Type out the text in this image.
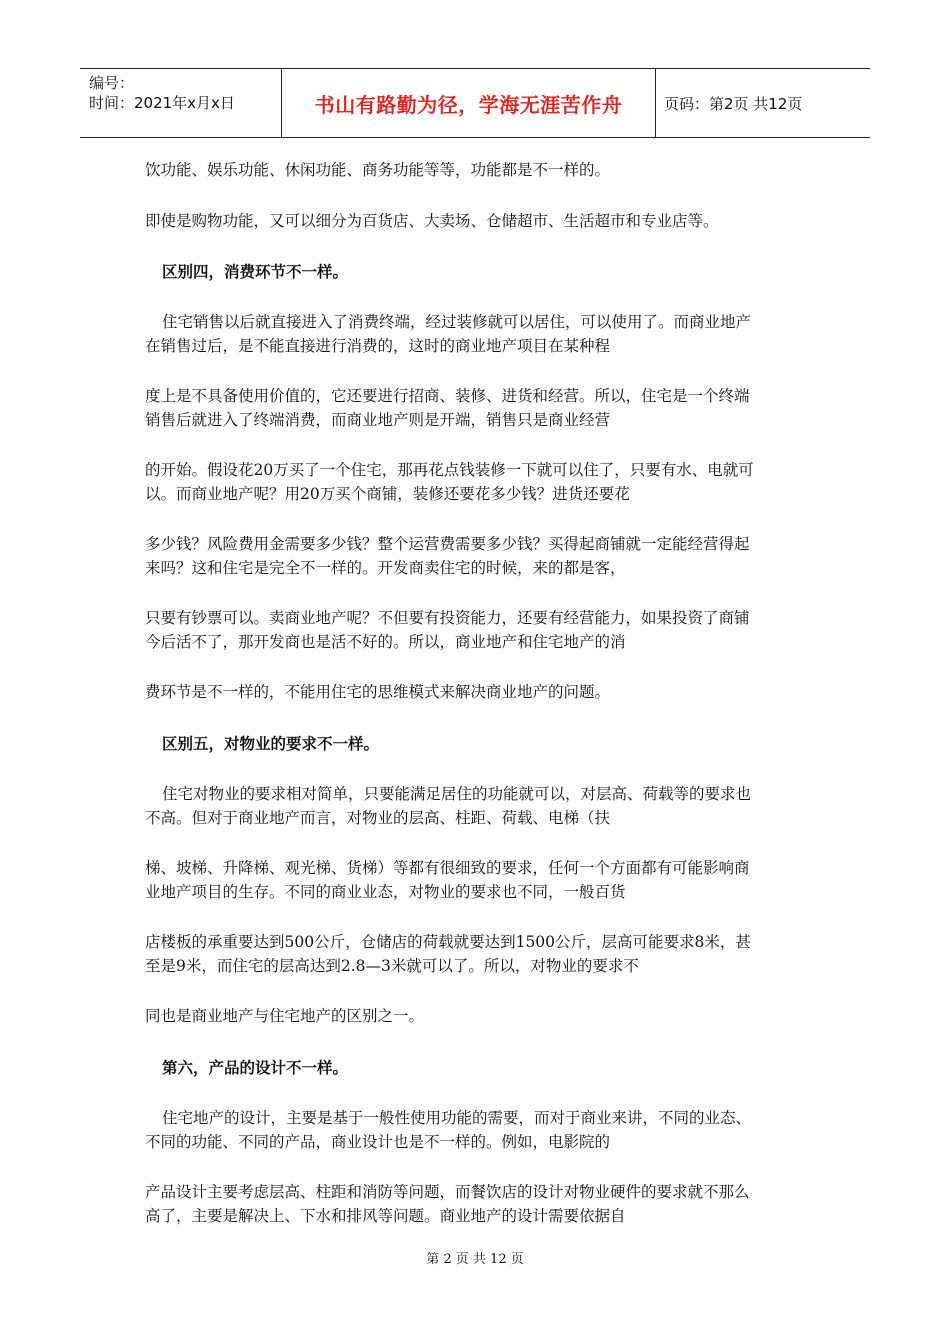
编号：
时间：2021年x月x日	书山有路勤为径，学海无涯苦作舟	页码：第2页 共12页
饮功能、娱乐功能、休闲功能、商务功能等等，功能都是不一样的。
即使是购物功能，又可以细分为百货店、大卖场、仓储超市、生活超市和专业店等。
区别四，消费环节不一样。
住宅销售以后就直接进入了消费终端，经过装修就可以居住，可以使用了。而商业地产
在销售过后，是不能直接进行消费的，这时的商业地产项目在某种程
度上是不具备使用价值的，它还要进行招商、装修、进货和经营。所以，住宅是一个终端
销售后就进入了终端消费，而商业地产则是开端，销售只是商业经营
的开始。假设花20万买了一个住宅，那再花点钱装修一下就可以住了，只要有水、电就可
以。而商业地产呢？用20万买个商铺，装修还要花多少钱？进货还要花
多少钱？风险费用金需要多少钱？整个运营费需要多少钱？买得起商铺就一定能经营得起
来吗？这和住宅是完全不一样的。开发商卖住宅的时候，来的都是客，
只要有钞票可以。卖商业地产呢？不但要有投资能力，还要有经营能力，如果投资了商铺
今后活不了，那开发商也是活不好的。所以，商业地产和住宅地产的消
费环节是不一样的，不能用住宅的思维模式来解决商业地产的问题。
区别五，对物业的要求不一样。
住宅对物业的要求相对简单，只要能满足居住的功能就可以，对层高、荷载等的要求也
不高。但对于商业地产而言，对物业的层高、柱距、荷载、电梯（扶
梯、坡梯、升降梯、观光梯、货梯）等都有很细致的要求，任何一个方面都有可能影响商
业地产项目的生存。不同的商业业态，对物业的要求也不同，一般百货
店楼板的承重要达到500公斤，仓储店的荷载就要达到1500公斤，层高可能要求8米，甚
至是9米，而住宅的层高达到2.8—3米就可以了。所以，对物业的要求不
同也是商业地产与住宅地产的区别之一。
第六，产品的设计不一样。
住宅地产的设计，主要是基于一般性使用功能的需要，而对于商业来讲，不同的业态、
不同的功能、不同的产品，商业设计也是不一样的。例如，电影院的
产品设计主要考虑层高、柱距和消防等问题，而餐饮店的设计对物业硬件的要求就不那么
高了，主要是解决上、下水和排风等问题。商业地产的设计需要依据自
第 2 页 共 12 页
